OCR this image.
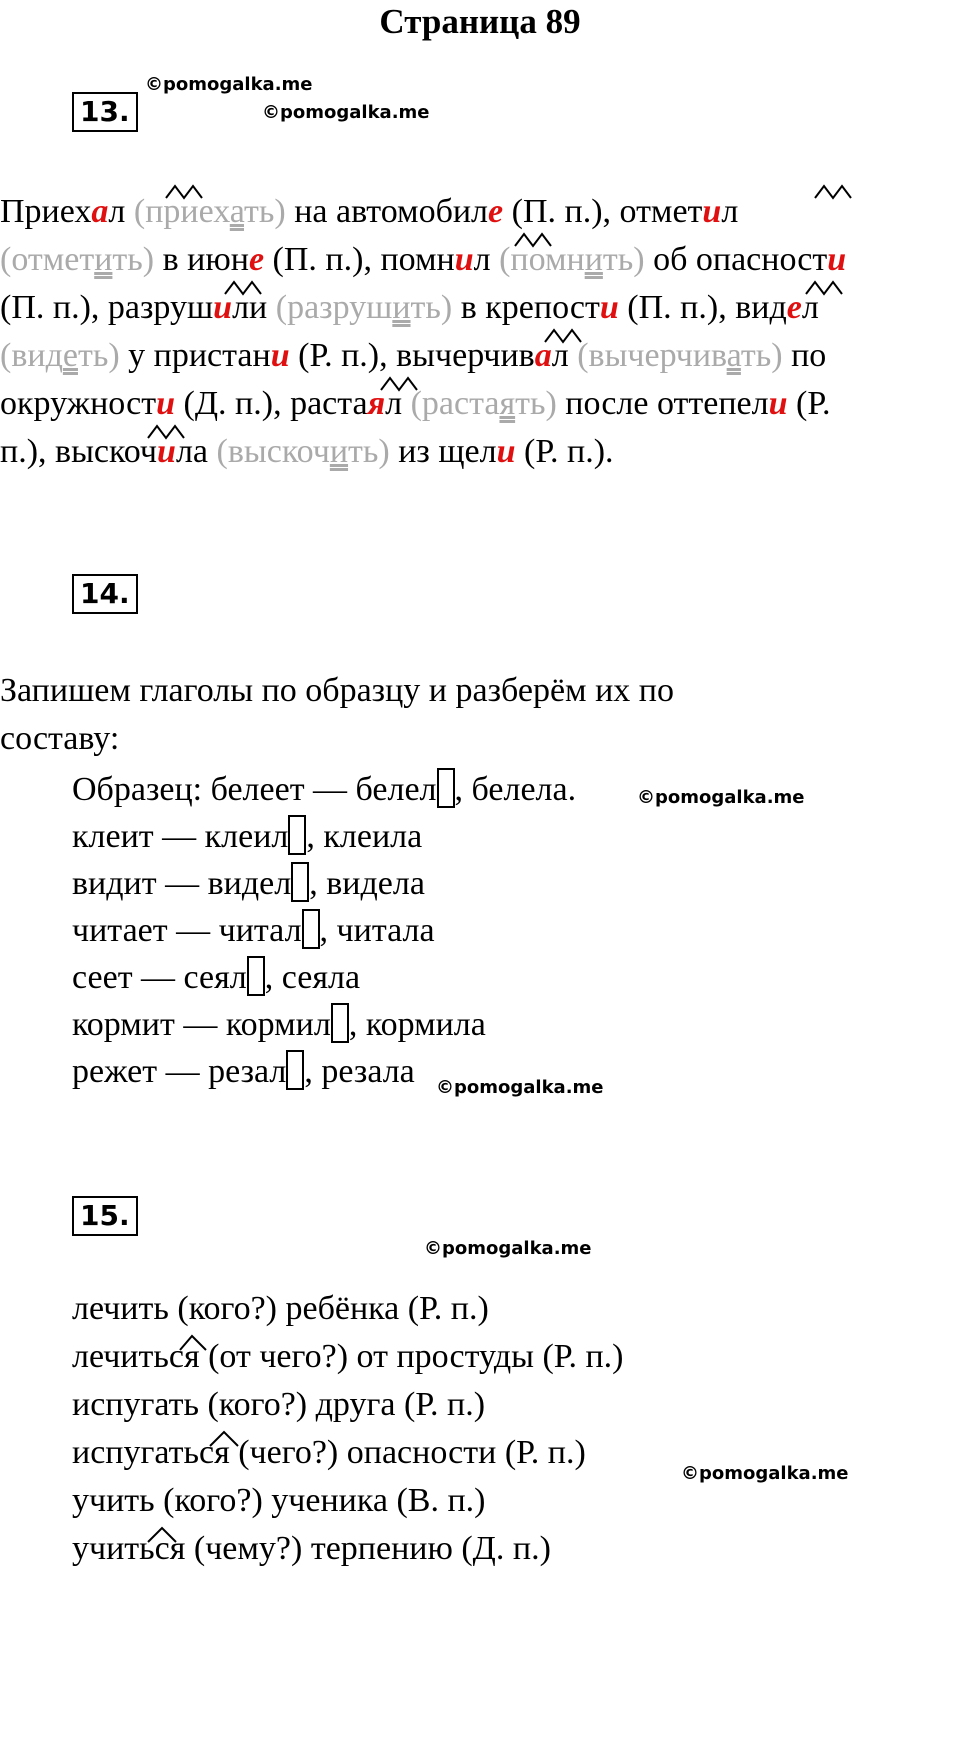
Страница 89
©pomogalka.me
©pomogalka.me
©pomogalka.me
©pomogalka.me
©pomogalka.me
©pomogalka.me
13.
Приехал (приехать) на автомобиле (П. п.), отметил
(отметить) в июне (П. п.), помнил (помнить) об опасности
(П. п.), разрушили (разрушить) в крепости (П. п.), видел
(видеть) у пристани (Р. п.), вычерчивал (вычерчивать) по
окружности (Д. п.), растаял (растаять) после оттепели (Р.
п.), выскочила (выскочить) из щели (Р. п.).
14.
Запишем глаголы по образцу и разберём их по
составу:
Образец: белеет — белел , белела.
клеит — клеил , клеила
видит — видел , видела
читает — читал , читала
сеет — сеял , сеяла
кормит — кормил , кормила
режет — резал , резала
15.
лечить (кого?) ребёнка (Р. п.)
лечиться (от чего?) от простуды (Р. п.)
испугать (кого?) друга (Р. п.)
испугаться (чего?) опасности (Р. п.)
учить (кого?) ученика (В. п.)
учиться (чему?) терпению (Д. п.)
